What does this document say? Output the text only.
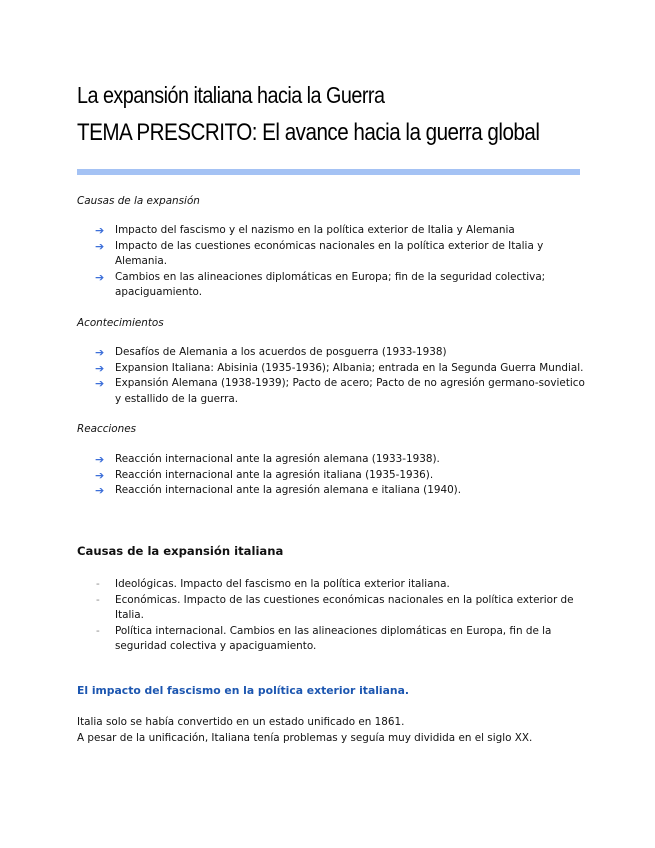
La expansión italiana hacia la Guerra
TEMA PRESCRITO: El avance hacia la guerra global

Causas de la expansión

➔ Impacto del fascismo y el nazismo en la política exterior de Italia y Alemania
➔ Impacto de las cuestiones económicas nacionales en la política exterior de Italia y Alemania.
➔ Cambios en las alineaciones diplomáticas en Europa; fin de la seguridad colectiva; apaciguamiento.

Acontecimientos

➔ Desafíos de Alemania a los acuerdos de posguerra (1933-1938)
➔ Expansion Italiana: Abisinia (1935-1936); Albania; entrada en la Segunda Guerra Mundial.
➔ Expansión Alemana (1938-1939); Pacto de acero; Pacto de no agresión germano-sovietico y estallido de la guerra.

Reacciones

➔ Reacción internacional ante la agresión alemana (1933-1938).
➔ Reacción internacional ante la agresión italiana (1935-1936).
➔ Reacción internacional ante la agresión alemana e italiana (1940).
Causas de la expansión italiana
- Ideológicas. Impacto del fascismo en la política exterior italiana.
- Económicas. Impacto de las cuestiones económicas nacionales en la política exterior de Italia.
- Política internacional. Cambios en las alineaciones diplomáticas en Europa, fin de la seguridad colectiva y apaciguamiento.
El impacto del fascismo en la política exterior italiana.

Italia solo se había convertido en un estado unificado en 1861.

A pesar de la unificación, Italiana tenía problemas y seguía muy dividida en el siglo XX.
